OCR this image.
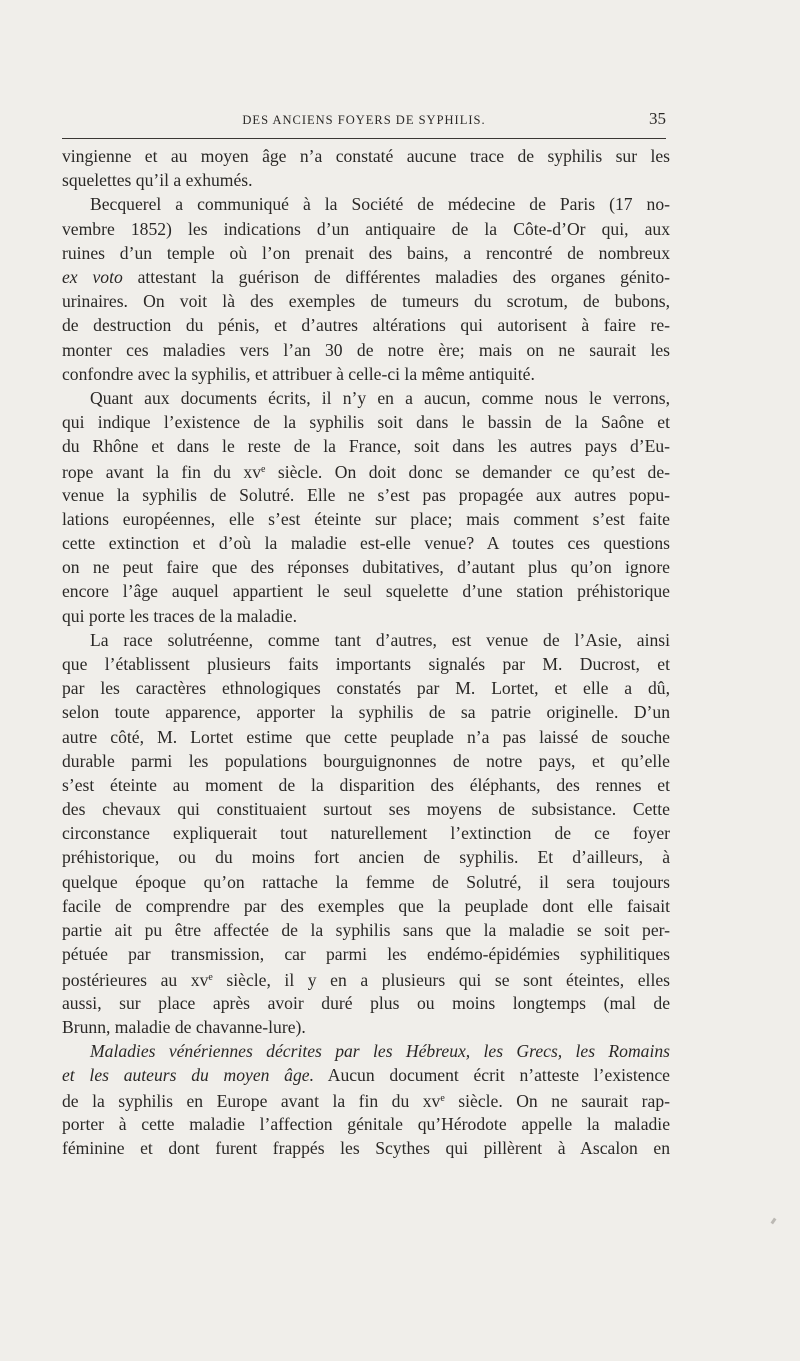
DES ANCIENS FOYERS DE SYPHILIS.	35
vingienne et au moyen âge n’a constaté aucune trace de syphilis sur les
squelettes qu’il a exhumés.
Becquerel a communiqué à la Société de médecine de Paris (17 no-
vembre 1852) les indications d’un antiquaire de la Côte-d’Or qui, aux
ruines d’un temple où l’on prenait des bains, a rencontré de nombreux
ex voto attestant la guérison de différentes maladies des organes génito-
urinaires. On voit là des exemples de tumeurs du scrotum, de bubons,
de destruction du pénis, et d’autres altérations qui autorisent à faire re-
monter ces maladies vers l’an 30 de notre ère; mais on ne saurait les
confondre avec la syphilis, et attribuer à celle-ci la même antiquité.
Quant aux documents écrits, il n’y en a aucun, comme nous le verrons,
qui indique l’existence de la syphilis soit dans le bassin de la Saône et
du Rhône et dans le reste de la France, soit dans les autres pays d’Eu-
rope avant la fin du $xv^e$ siècle. On doit donc se demander ce qu’est de-
venue la syphilis de Solutré. Elle ne s’est pas propagée aux autres popu-
lations européennes, elle s’est éteinte sur place; mais comment s’est faite
cette extinction et d’où la maladie est-elle venue? A toutes ces questions
on ne peut faire que des réponses dubitatives, d’autant plus qu’on ignore
encore l’âge auquel appartient le seul squelette d’une station préhistorique
qui porte les traces de la maladie.
La race solutréenne, comme tant d’autres, est venue de l’Asie, ainsi
que l’établissent plusieurs faits importants signalés par M. Ducrost, et
par les caractères ethnologiques constatés par M. Lortet, et elle a dû,
selon toute apparence, apporter la syphilis de sa patrie originelle. D’un
autre côté, M. Lortet estime que cette peuplade n’a pas laissé de souche
durable parmi les populations bourguignonnes de notre pays, et qu’elle
s’est éteinte au moment de la disparition des éléphants, des rennes et
des chevaux qui constituaient surtout ses moyens de subsistance. Cette
circonstance expliquerait tout naturellement l’extinction de ce foyer
préhistorique, ou du moins fort ancien de syphilis. Et d’ailleurs, à
quelque époque qu’on rattache la femme de Solutré, il sera toujours
facile de comprendre par des exemples que la peuplade dont elle faisait
partie ait pu être affectée de la syphilis sans que la maladie se soit per-
pétuée par transmission, car parmi les endémo-épidémies syphilitiques
postérieures au $xv^e$ siècle, il y en a plusieurs qui se sont éteintes, elles
aussi, sur place après avoir duré plus ou moins longtemps (mal de
Brunn, maladie de chavanne-lure).
Maladies vénériennes décrites par les Hébreux, les Grecs, les Romains
et les auteurs du moyen âge. Aucun document écrit n’atteste l’existence
de la syphilis en Europe avant la fin du $xv^e$ siècle. On ne saurait rap-
porter à cette maladie l’affection génitale qu’Hérodote appelle la maladie
féminine et dont furent frappés les Scythes qui pillèrent à Ascalon en
